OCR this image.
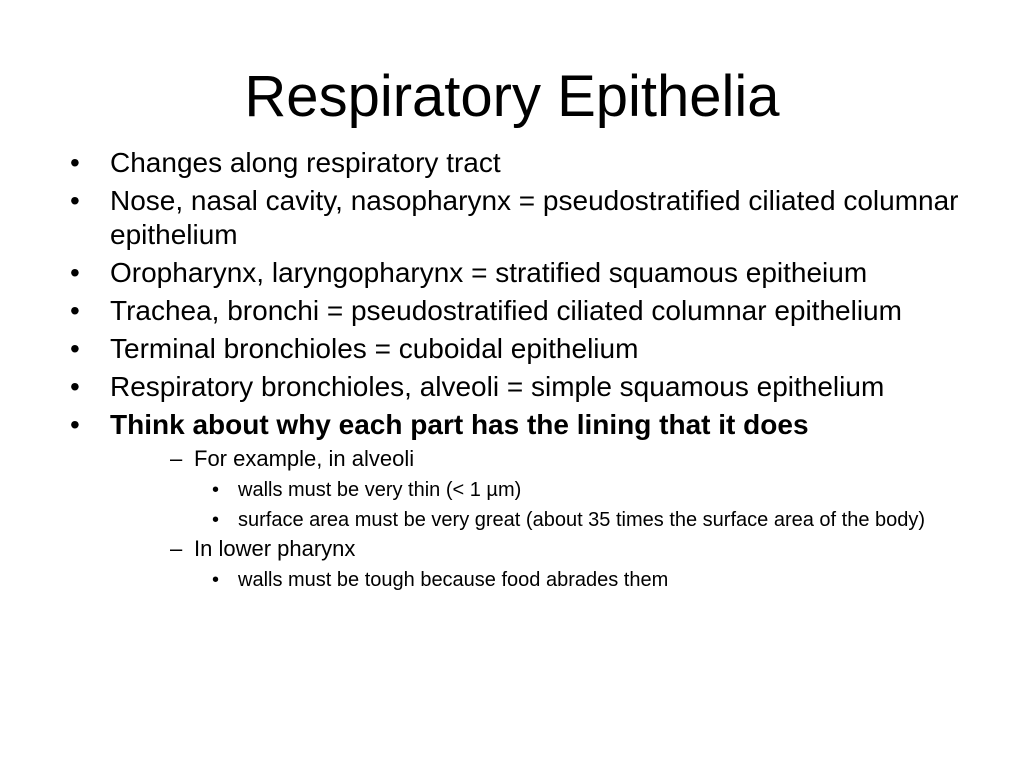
Respiratory Epithelia
•	Changes along respiratory tract
•	Nose, nasal cavity, nasopharynx = pseudostratified ciliated columnar epithelium
•	Oropharynx, laryngopharynx = stratified squamous epitheium
•	Trachea, bronchi = pseudostratified ciliated columnar epithelium
•	Terminal bronchioles = cuboidal epithelium
•	Respiratory bronchioles, alveoli = simple squamous epithelium
•	Think about why each part has the lining that it does
– For example, in alveoli
• walls must be very thin (< 1 µm)
• surface area must be very great (about 35 times the surface area of the body)
– In lower pharynx
• walls must be tough because food abrades them
